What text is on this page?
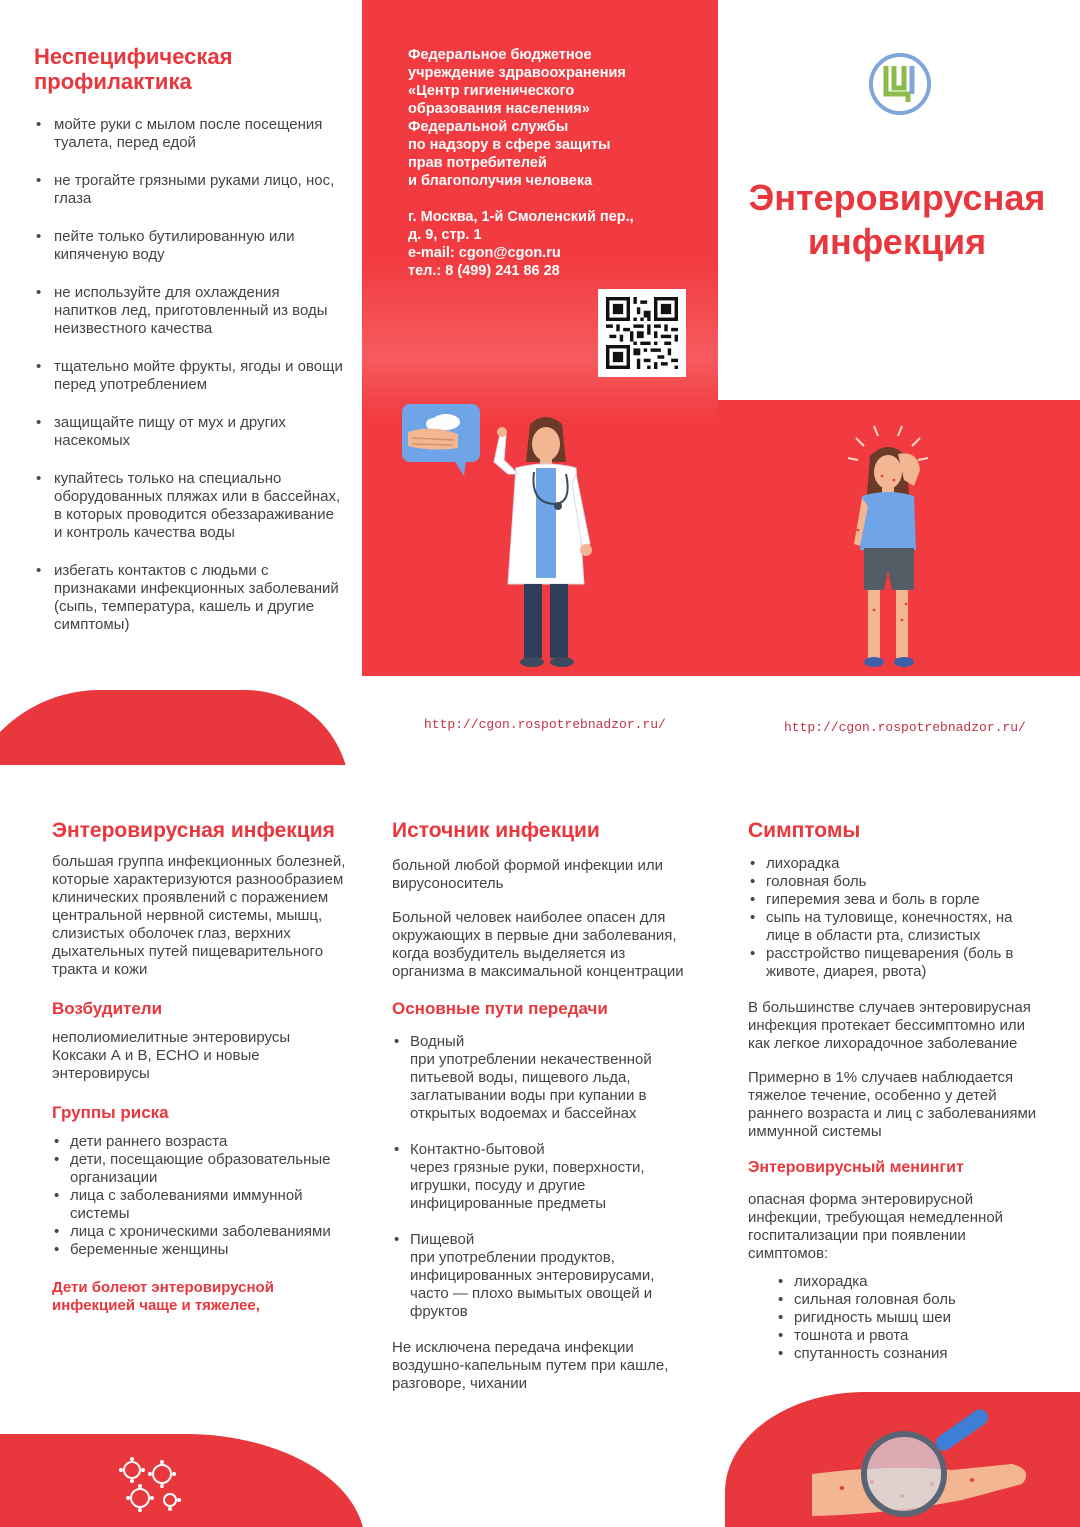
Неспецифическая профилактика
• мойте руки с мылом после посещения туалета, перед едой
• не трогайте грязными руками лицо, нос, глаза
• пейте только бутилированную или кипяченую воду
• не используйте для охлаждения напитков лед, приготовленный из воды неизвестного качества
• тщательно мойте фрукты, ягоды и овощи перед употреблением
• защищайте пищу от мух и других насекомых
• купайтесь только на специально оборудованных пляжах или в бассейнах, в которых проводится обеззараживание и контроль качества воды
• избегать контактов с людьми с признаками инфекционных заболеваний (сыпь, температура, кашель и другие симптомы)
Федеральное бюджетное
учреждение здравоохранения
«Центр гигиенического
образования населения»
Федеральной службы
по надзору в сфере защиты
прав потребителей
и благополучия человека
г. Москва, 1-й Смоленский пер.,
д. 9, стр. 1
e-mail: cgon@cgon.ru
тел.: 8 (499) 241 86 28
Энтеровирусная
инфекция
http://cgon.rospotrebnadzor.ru/	http://cgon.rospotrebnadzor.ru/
Энтеровирусная инфекция
большая группа инфекционных болезней, которые характеризуются разнообразием клинических проявлений с поражением центральной нервной системы, мышц, слизистых оболочек глаз, верхних дыхательных путей пищеварительного тракта и кожи
Возбудители
неполиомиелитные энтеровирусы Коксаки А и В, ECHO и новые энтеровирусы
Группы риска
• дети раннего возраста
• дети, посещающие образовательные организации
• лица с заболеваниями иммунной системы
• лица с хроническими заболеваниями
• беременные женщины
Дети болеют энтеровирусной инфекцией чаще и тяжелее,
Источник инфекции
больной любой формой инфекции или вирусоноситель
Больной человек наиболее опасен для окружающих в первые дни заболевания, когда возбудитель выделяется из организма в максимальной концентрации
Основные пути передачи
• Водный
при употреблении некачественной питьевой воды, пищевого льда, заглатывании воды при купании в открытых водоемах и бассейнах
• Контактно-бытовой
через грязные руки, поверхности, игрушки, посуду и другие инфицированные предметы
• Пищевой
при употреблении продуктов, инфицированных энтеровирусами, часто — плохо вымытых овощей и фруктов
Не исключена передача инфекции воздушно-капельным путем при кашле, разговоре, чихании
Симптомы
• лихорадка
• головная боль
• гиперемия зева и боль в горле
• сыпь на туловище, конечностях, на лице в области рта, слизистых
• расстройство пищеварения (боль в животе, диарея, рвота)
В большинстве случаев энтеровирусная инфекция протекает бессимптомно или как легкое лихорадочное заболевание
Примерно в 1% случаев наблюдается тяжелое течение, особенно у детей раннего возраста и лиц с заболеваниями иммунной системы
Энтеровирусный менингит
опасная форма энтеровирусной инфекции, требующая немедленной госпитализации при появлении симптомов:
• лихорадка
• сильная головная боль
• ригидность мышц шеи
• тошнота и рвота
• спутанность сознания
